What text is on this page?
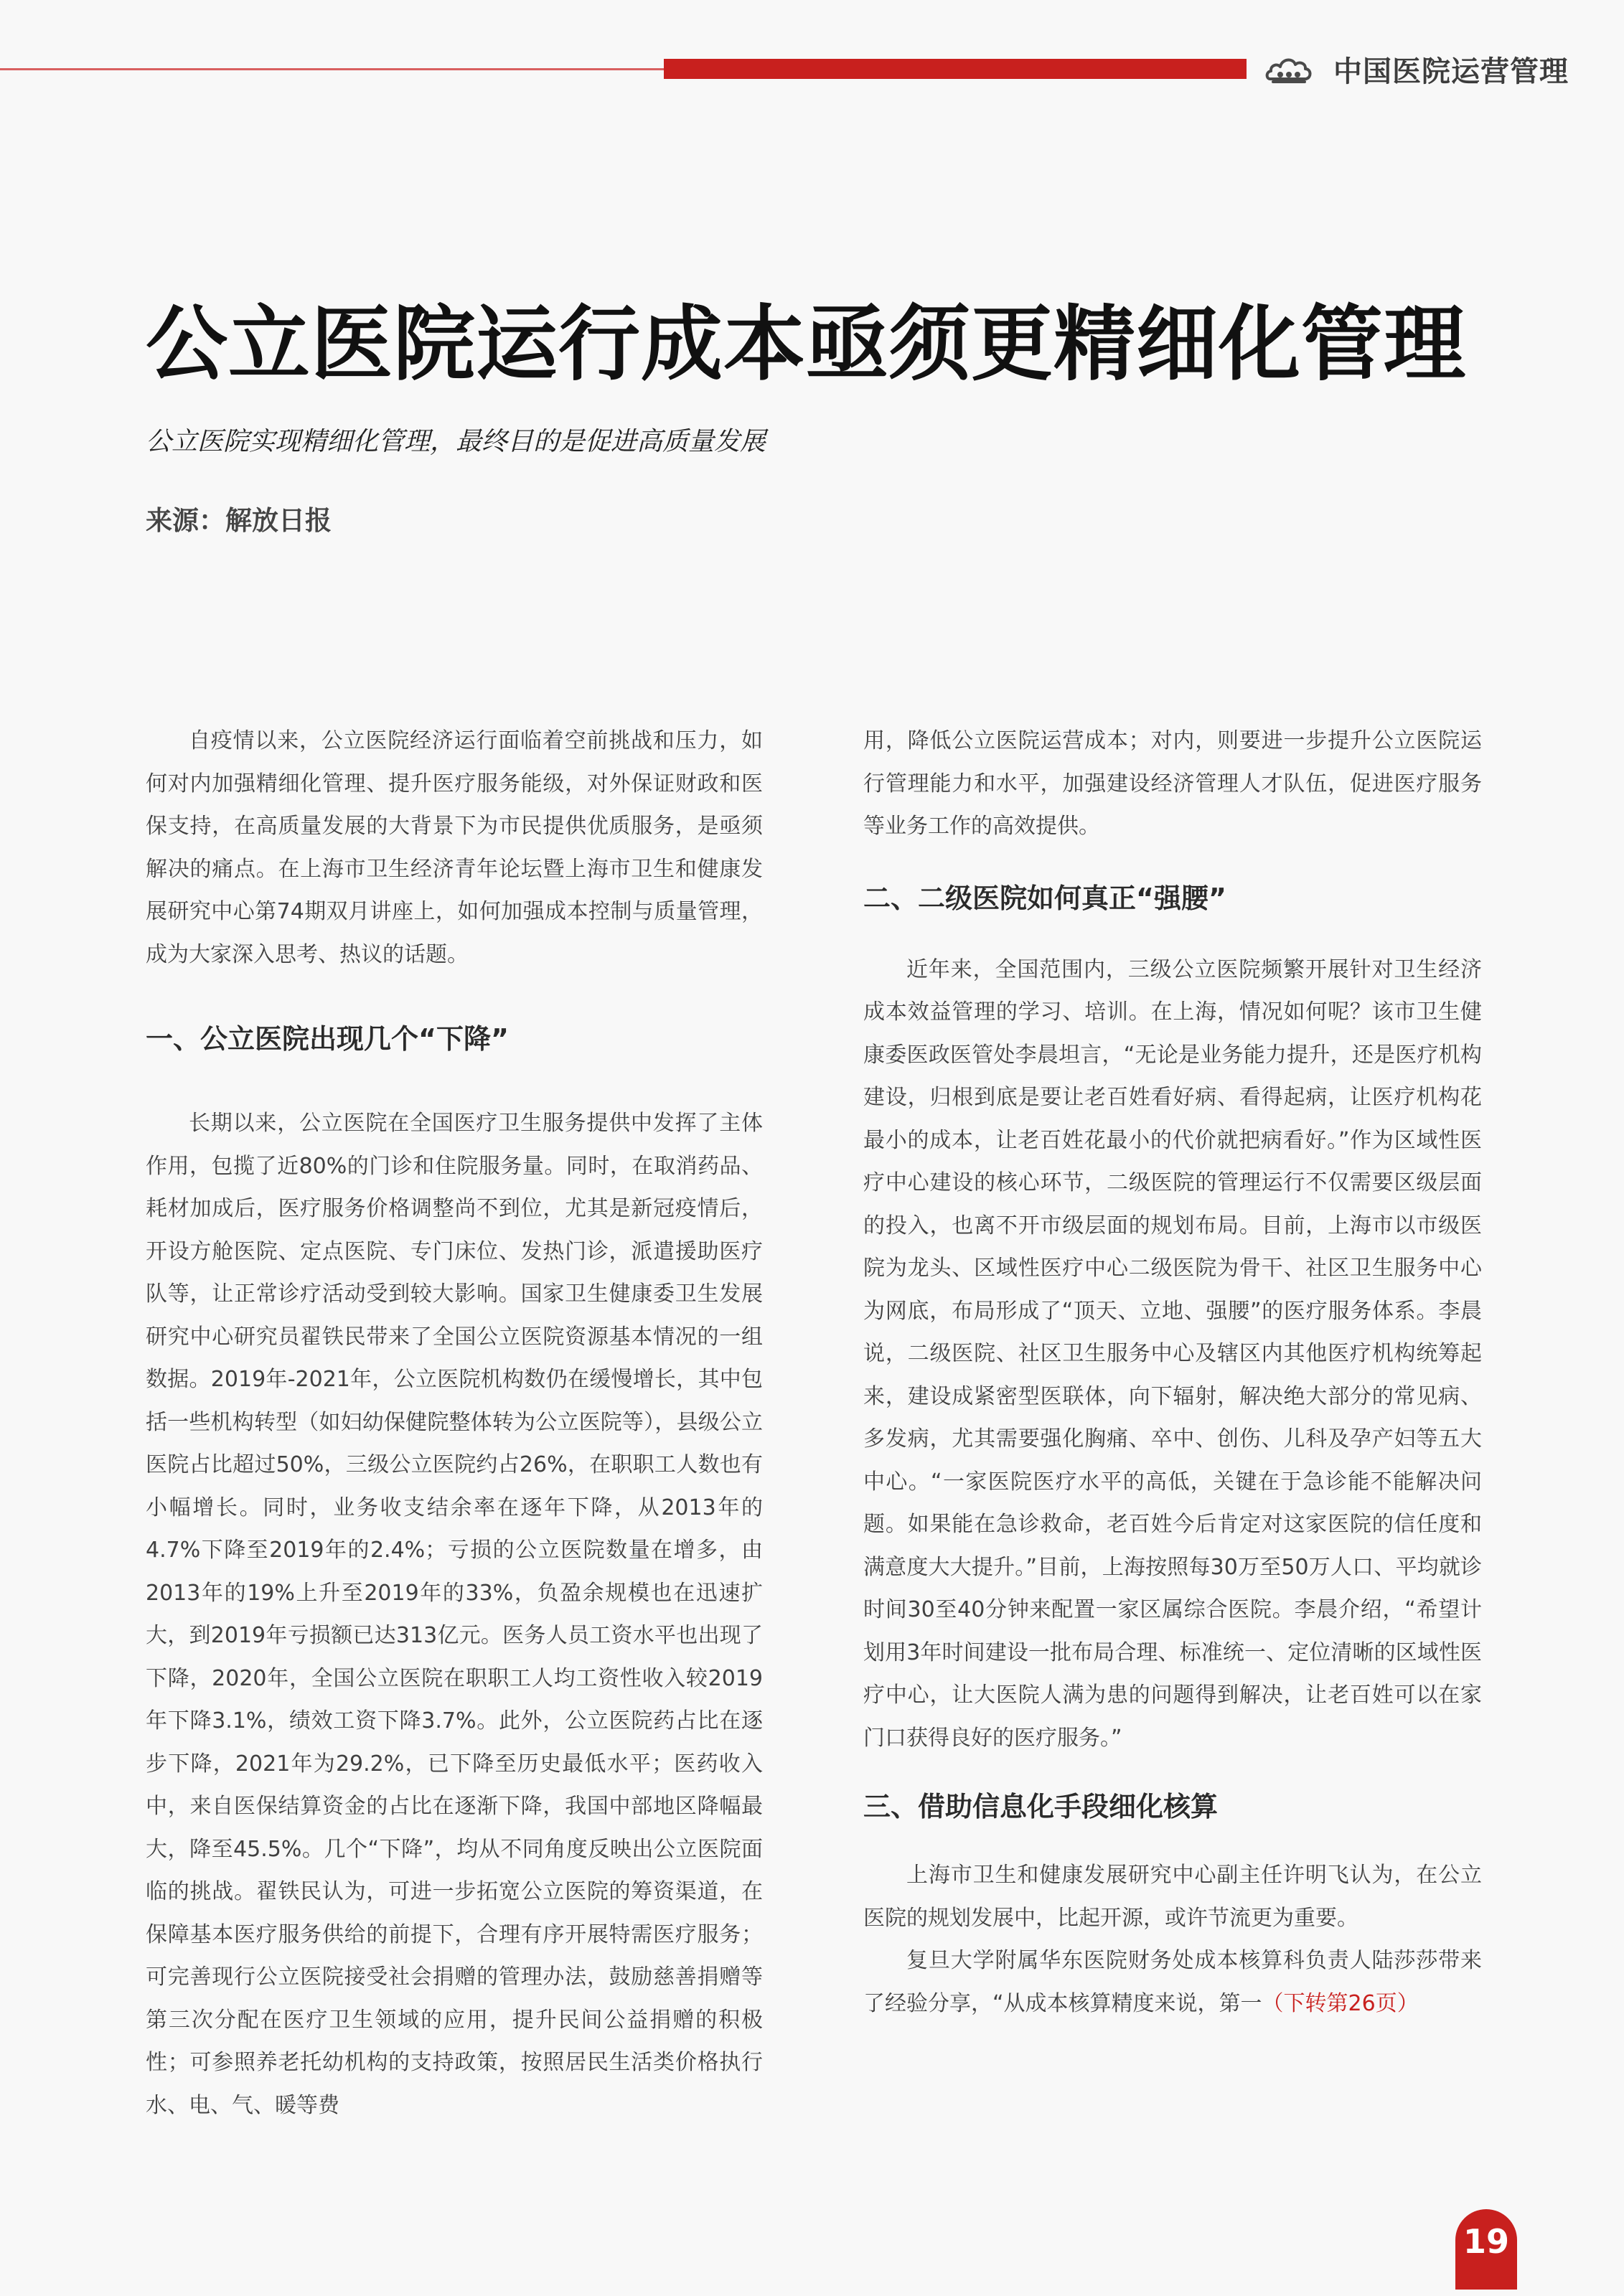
中国医院运营管理
公立医院运行成本亟须更精细化管理
公立医院实现精细化管理，最终目的是促进高质量发展
来源：解放日报

自疫情以来，公立医院经济运行面临着空前挑战和压力，如何对内加强精细化管理、提升医疗服务能级，对外保证财政和医保支持，在高质量发展的大背景下为市民提供优质服务，是亟须解决的痛点。在上海市卫生经济青年论坛暨上海市卫生和健康发展研究中心第74期双月讲座上，如何加强成本控制与质量管理，成为大家深入思考、热议的话题。

一、公立医院出现几个“下降”

长期以来，公立医院在全国医疗卫生服务提供中发挥了主体作用，包揽了近80%的门诊和住院服务量。同时，在取消药品、耗材加成后，医疗服务价格调整尚不到位，尤其是新冠疫情后，开设方舱医院、定点医院、专门床位、发热门诊，派遣援助医疗队等，让正常诊疗活动受到较大影响。国家卫生健康委卫生发展研究中心研究员翟铁民带来了全国公立医院资源基本情况的一组数据。2019年-2021年，公立医院机构数仍在缓慢增长，其中包括一些机构转型（如妇幼保健院整体转为公立医院等），县级公立医院占比超过50%，三级公立医院约占26%，在职职工人数也有小幅增长。同时，业务收支结余率在逐年下降，从2013年的4.7%下降至2019年的2.4%；亏损的公立医院数量在增多，由2013年的19%上升至2019年的33%，负盈余规模也在迅速扩大，到2019年亏损额已达313亿元。医务人员工资水平也出现了下降，2020年，全国公立医院在职职工人均工资性收入较2019年下降3.1%，绩效工资下降3.7%。此外，公立医院药占比在逐步下降，2021年为29.2%，已下降至历史最低水平；医药收入中，来自医保结算资金的占比在逐渐下降，我国中部地区降幅最大，降至45.5%。几个“下降”，均从不同角度反映出公立医院面临的挑战。翟铁民认为，可进一步拓宽公立医院的筹资渠道，在保障基本医疗服务供给的前提下，合理有序开展特需医疗服务；可完善现行公立医院接受社会捐赠的管理办法，鼓励慈善捐赠等第三次分配在医疗卫生领域的应用，提升民间公益捐赠的积极性；可参照养老托幼机构的支持政策，按照居民生活类价格执行水、电、气、暖等费

用，降低公立医院运营成本；对内，则要进一步提升公立医院运行管理能力和水平，加强建设经济管理人才队伍，促进医疗服务等业务工作的高效提供。

二、二级医院如何真正“强腰”

近年来，全国范围内，三级公立医院频繁开展针对卫生经济成本效益管理的学习、培训。在上海，情况如何呢？该市卫生健康委医政医管处李晨坦言，“无论是业务能力提升，还是医疗机构建设，归根到底是要让老百姓看好病、看得起病，让医疗机构花最小的成本，让老百姓花最小的代价就把病看好。”作为区域性医疗中心建设的核心环节，二级医院的管理运行不仅需要区级层面的投入，也离不开市级层面的规划布局。目前，上海市以市级医院为龙头、区域性医疗中心二级医院为骨干、社区卫生服务中心为网底，布局形成了“顶天、立地、强腰”的医疗服务体系。李晨说，二级医院、社区卫生服务中心及辖区内其他医疗机构统筹起来，建设成紧密型医联体，向下辐射，解决绝大部分的常见病、多发病，尤其需要强化胸痛、卒中、创伤、儿科及孕产妇等五大中心。“一家医院医疗水平的高低，关键在于急诊能不能解决问题。如果能在急诊救命，老百姓今后肯定对这家医院的信任度和满意度大大提升。”目前，上海按照每30万至50万人口、平均就诊时间30至40分钟来配置一家区属综合医院。李晨介绍，“希望计划用3年时间建设一批布局合理、标准统一、定位清晰的区域性医疗中心，让大医院人满为患的问题得到解决，让老百姓可以在家门口获得良好的医疗服务。”

三、借助信息化手段细化核算

上海市卫生和健康发展研究中心副主任许明飞认为，在公立医院的规划发展中，比起开源，或许节流更为重要。

复旦大学附属华东医院财务处成本核算科负责人陆莎莎带来了经验分享，“从成本核算精度来说，第一（下转第26页）

19
